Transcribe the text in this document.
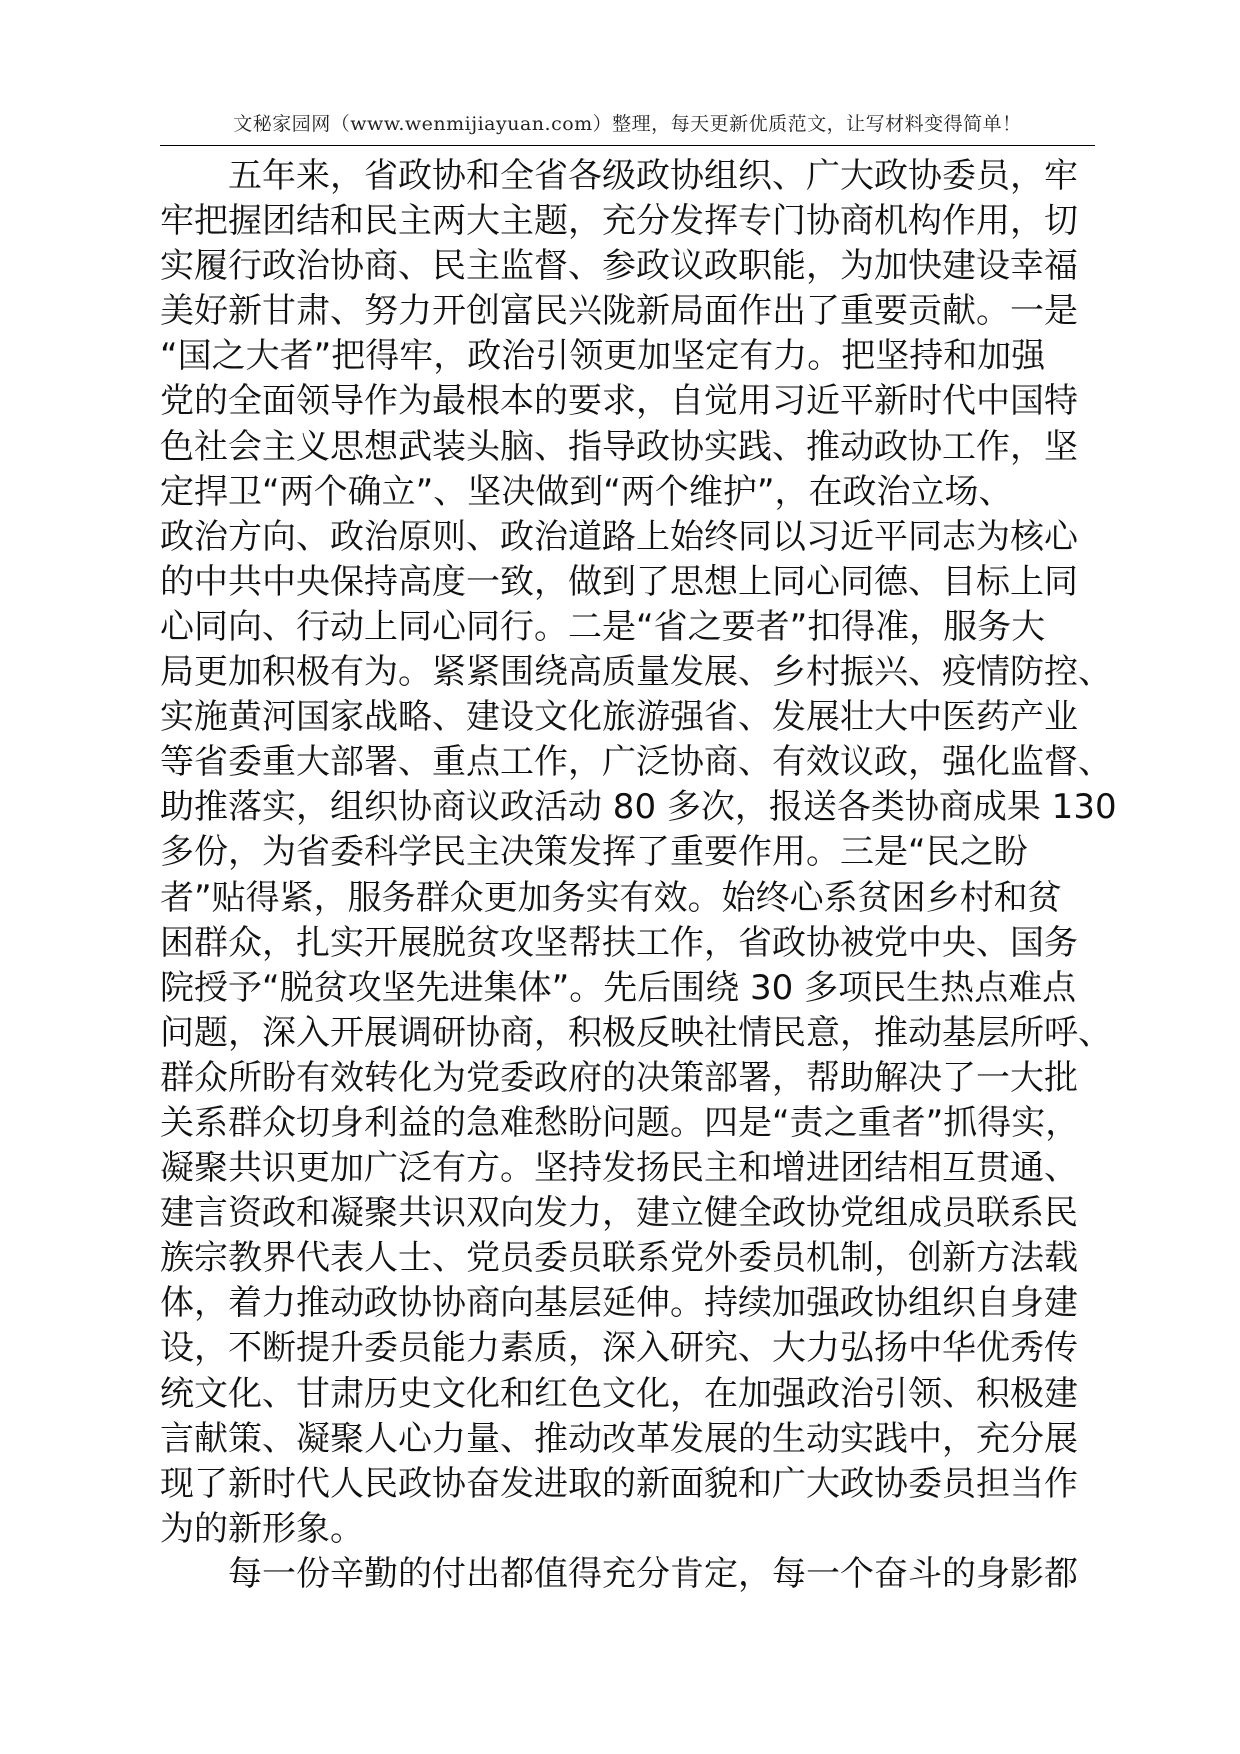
文秘家园网（www.wenmijiayuan.com）整理，每天更新优质范文，让写材料变得简单！
五年来，省政协和全省各级政协组织、广大政协委员，牢
牢把握团结和民主两大主题，充分发挥专门协商机构作用，切
实履行政治协商、民主监督、参政议政职能，为加快建设幸福
美好新甘肃、努力开创富民兴陇新局面作出了重要贡献。一是
“国之大者”把得牢，政治引领更加坚定有力。把坚持和加强
党的全面领导作为最根本的要求，自觉用习近平新时代中国特
色社会主义思想武装头脑、指导政协实践、推动政协工作，坚
定捍卫“两个确立”、坚决做到“两个维护”，在政治立场、
政治方向、政治原则、政治道路上始终同以习近平同志为核心
的中共中央保持高度一致，做到了思想上同心同德、目标上同
心同向、行动上同心同行。二是“省之要者”扣得准，服务大
局更加积极有为。紧紧围绕高质量发展、乡村振兴、疫情防控、
实施黄河国家战略、建设文化旅游强省、发展壮大中医药产业
等省委重大部署、重点工作，广泛协商、有效议政，强化监督、
助推落实，组织协商议政活动 80 多次，报送各类协商成果 130
多份，为省委科学民主决策发挥了重要作用。三是“民之盼
者”贴得紧，服务群众更加务实有效。始终心系贫困乡村和贫
困群众，扎实开展脱贫攻坚帮扶工作，省政协被党中央、国务
院授予“脱贫攻坚先进集体”。先后围绕 30 多项民生热点难点
问题，深入开展调研协商，积极反映社情民意，推动基层所呼、
群众所盼有效转化为党委政府的决策部署，帮助解决了一大批
关系群众切身利益的急难愁盼问题。四是“责之重者”抓得实，
凝聚共识更加广泛有方。坚持发扬民主和增进团结相互贯通、
建言资政和凝聚共识双向发力，建立健全政协党组成员联系民
族宗教界代表人士、党员委员联系党外委员机制，创新方法载
体，着力推动政协协商向基层延伸。持续加强政协组织自身建
设，不断提升委员能力素质，深入研究、大力弘扬中华优秀传
统文化、甘肃历史文化和红色文化，在加强政治引领、积极建
言献策、凝聚人心力量、推动改革发展的生动实践中，充分展
现了新时代人民政协奋发进取的新面貌和广大政协委员担当作
为的新形象。
每一份辛勤的付出都值得充分肯定，每一个奋斗的身影都
